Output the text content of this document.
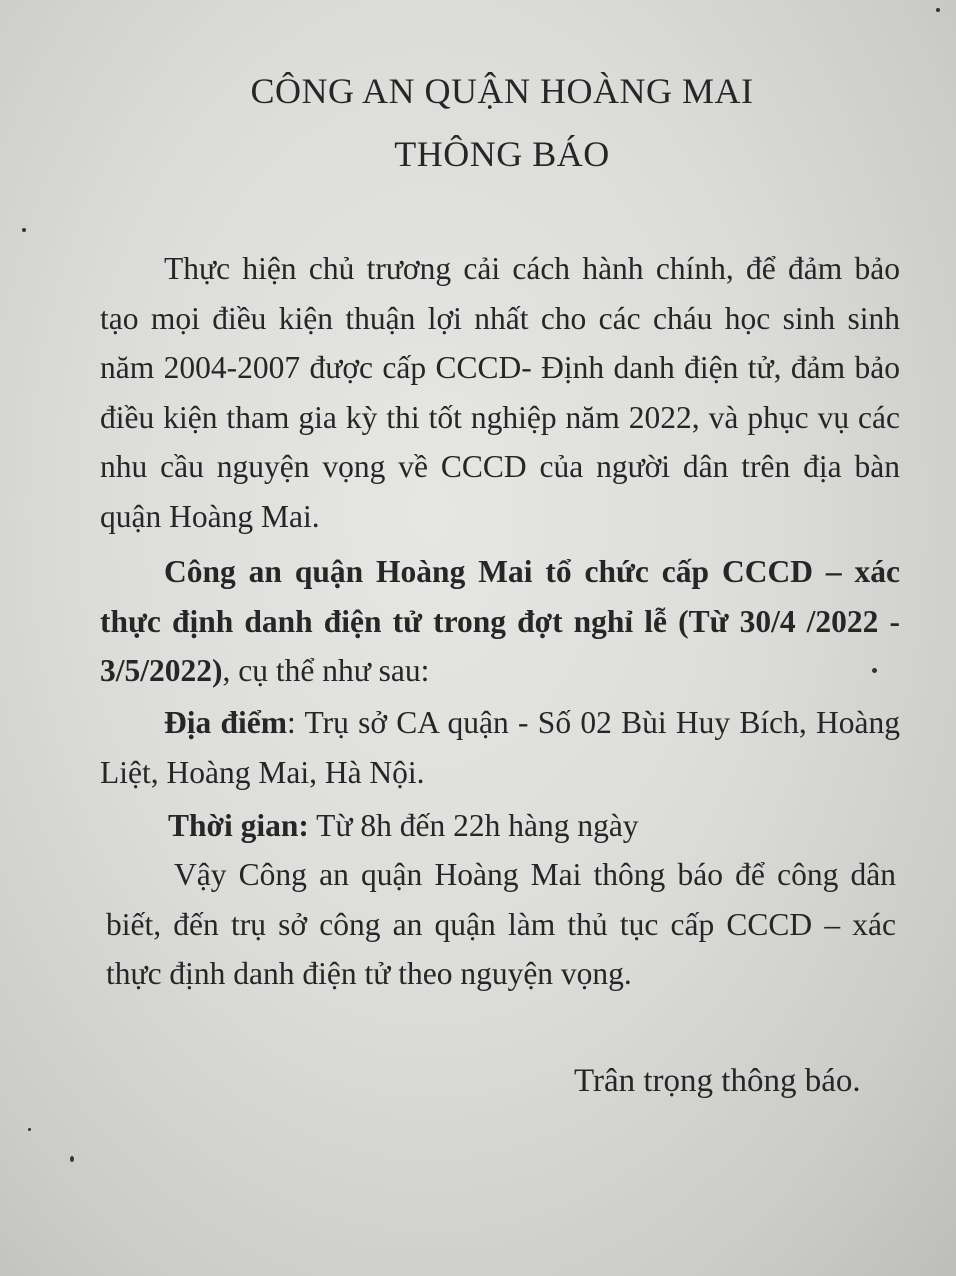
CÔNG AN QUẬN HOÀNG MAI
THÔNG BÁO
Thực hiện chủ trương cải cách hành chính, để đảm bảo tạo mọi điều kiện thuận lợi nhất cho các cháu học sinh sinh năm 2004-2007 được cấp CCCD- Định danh điện tử, đảm bảo điều kiện tham gia kỳ thi tốt nghiệp năm 2022, và phục vụ các nhu cầu nguyện vọng về CCCD của người dân trên địa bàn quận Hoàng Mai.
Công an quận Hoàng Mai tổ chức cấp CCCD – xác thực định danh điện tử trong đợt nghỉ lễ (Từ 30/4 /2022 - 3/5/2022), cụ thể như sau:
Địa điểm: Trụ sở CA quận - Số 02 Bùi Huy Bích, Hoàng Liệt, Hoàng Mai, Hà Nội.
Thời gian: Từ 8h đến 22h hàng ngày
Vậy Công an quận Hoàng Mai thông báo để công dân biết, đến trụ sở công an quận làm thủ tục cấp CCCD – xác thực định danh điện tử theo nguyện vọng.
Trân trọng thông báo.
